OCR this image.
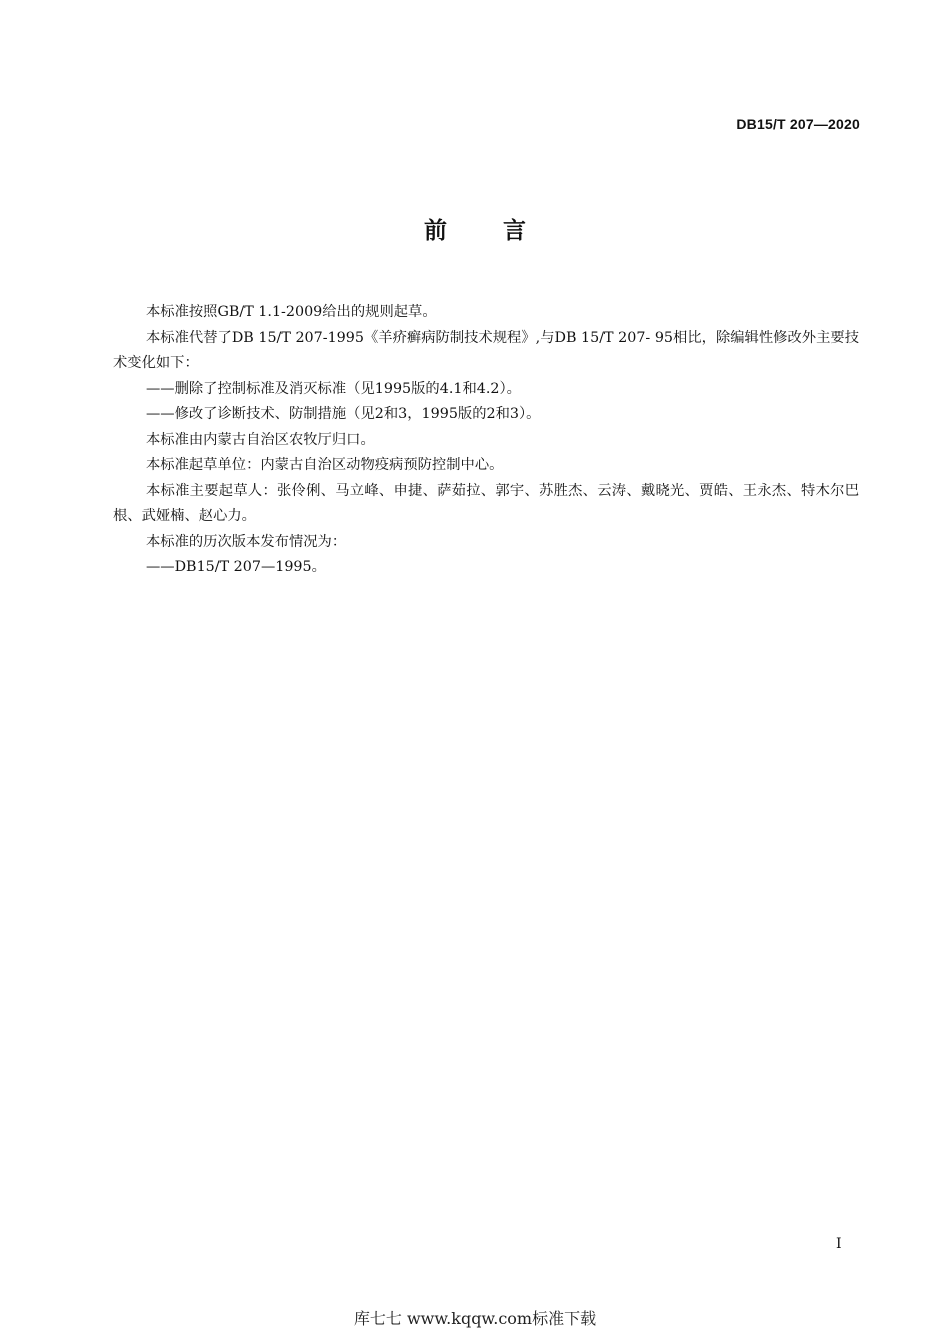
DB15/T 207—2020
前言

本标准按照GB/T 1.1-2009给出的规则起草。

本标准代替了DB 15/T 207-1995《羊疥癣病防制技术规程》,与DB 15/T 207- 95相比，除编辑性修改外主要技术变化如下：

——删除了控制标准及消灭标准（见1995版的4.1和4.2）。

——修改了诊断技术、防制措施（见2和3，1995版的2和3）。

本标准由内蒙古自治区农牧厅归口。

本标准起草单位：内蒙古自治区动物疫病预防控制中心。

本标准主要起草人：张伶俐、马立峰、申捷、萨茹拉、郭宇、苏胜杰、云涛、戴晓光、贾皓、王永杰、特木尔巴根、武娅楠、赵心力。

本标准的历次版本发布情况为：

——DB15/T 207—1995。

I
库七七 www.kqqw.com标准下载
